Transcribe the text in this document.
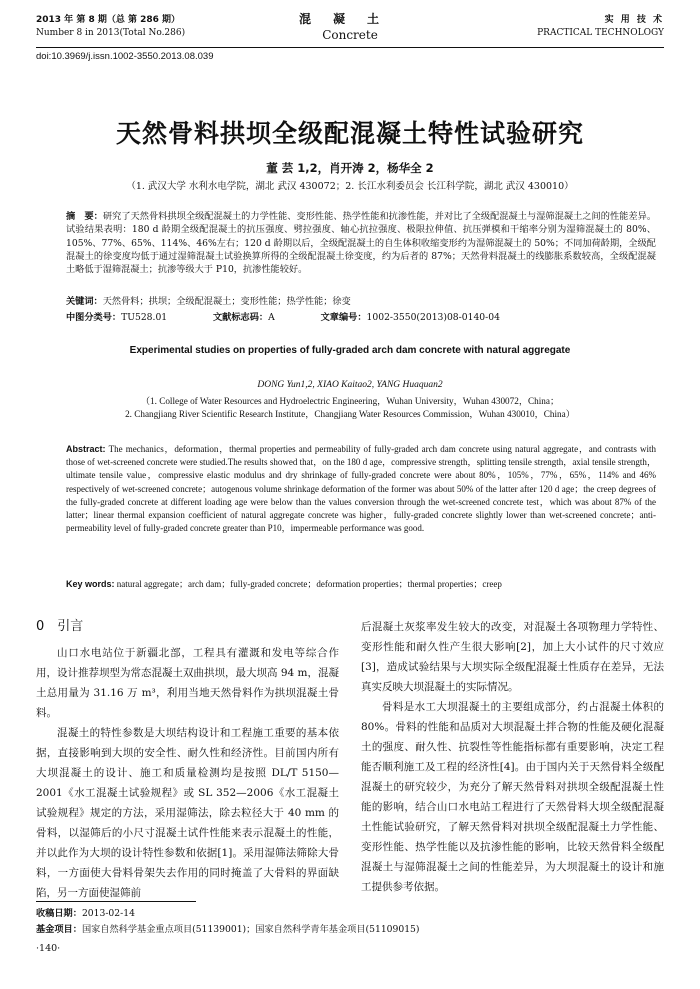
2013 年 第 8 期（总 第 286 期）
Number 8 in 2013(Total No.286)
混凝土
Concrete
实 用 技 术
PRACTICAL TECHNOLOGY
doi:10.3969/j.issn.1002-3550.2013.08.039
天然骨料拱坝全级配混凝土特性试验研究
董 芸 1,2，肖开涛 2，杨华全 2
（1. 武汉大学 水利水电学院，湖北 武汉 430072；2. 长江水利委员会 长江科学院，湖北 武汉 430010）
摘　要：研究了天然骨料拱坝全级配混凝土的力学性能、变形性能、热学性能和抗渗性能，并对比了全级配混凝土与湿筛混凝土之间的性能差异。试验结果表明：180 d 龄期全级配混凝土的抗压强度、劈拉强度、轴心抗拉强度、极限拉伸值、抗压弹模和干缩率分别为湿筛混凝土的 80%、105%、77%、65%、114%、46%左右；120 d 龄期以后，全级配混凝土的自生体积收缩变形约为湿筛混凝土的 50%；不同加荷龄期，全级配混凝土的徐变度均低于通过湿筛混凝土试验换算所得的全级配混凝土徐变度，约为后者的 87%；天然骨料混凝土的线膨胀系数较高，全级配混凝土略低于湿筛混凝土；抗渗等级大于 P10，抗渗性能较好。
关键词：天然骨料；拱坝；全级配混凝土；变形性能；热学性能；徐变
中图分类号：TU528.01	文献标志码：A	文章编号：1002-3550(2013)08-0140-04
Experimental studies on properties of fully-graded arch dam concrete with natural aggregate
DONG Yun1,2, XIAO Kaitao2, YANG Huaquan2
（1. College of Water Resources and Hydroelectric Engineering，Wuhan University，Wuhan 430072，China；
2. Changjiang River Scientific Research Institute，Changjiang Water Resources Commission，Wuhan 430010，China）
Abstract: The mechanics，deformation，thermal properties and permeability of fully-graded arch dam concrete using natural aggregate，and contrasts with those of wet-screened concrete were studied.The results showed that，on the 180 d age，compressive strength，splitting tensile strength，axial tensile strength，ultimate tensile value，compressive elastic modulus and dry shrinkage of fully-graded concrete were about 80%，105%，77%，65%，114% and 46% respectively of wet-screened concrete；autogenous volume shrinkage deformation of the former was about 50% of the latter after 120 d age；the creep degrees of the fully-graded concrete at different loading age were below than the values conversion through the wet-screened concrete test，which was about 87% of the latter；linear thermal expansion coefficient of natural aggregate concrete was higher，fully-graded concrete slightly lower than wet-screened concrete；anti-permeability level of fully-graded concrete greater than P10，impermeable performance was good.
Key words: natural aggregate；arch dam；fully-graded concrete；deformation properties；thermal properties；creep
0　引言

山口水电站位于新疆北部，工程具有灌溉和发电等综合作用，设计推荐坝型为常态混凝土双曲拱坝，最大坝高 94 m，混凝土总用量为 31.16 万 m³，利用当地天然骨料作为拱坝混凝土骨料。

混凝土的特性参数是大坝结构设计和工程施工重要的基本依据，直接影响到大坝的安全性、耐久性和经济性。目前国内所有大坝混凝土的设计、施工和质量检测均是按照 DL/T 5150—2001《水工混凝土试验规程》或 SL 352—2006《水工混凝土试验规程》规定的方法，采用湿筛法，除去粒径大于 40 mm 的骨料，以湿筛后的小尺寸混凝土试件性能来表示混凝土的性能，并以此作为大坝的设计特性参数和依据[1]。采用湿筛法筛除大骨料，一方面使大骨料骨架失去作用的同时掩盖了大骨料的界面缺陷，另一方面使湿筛前

后混凝土灰浆率发生较大的改变，对混凝土各项物理力学特性、变形性能和耐久性产生很大影响[2]，加上大小试件的尺寸效应[3]，造成试验结果与大坝实际全级配混凝土性质存在差异，无法真实反映大坝混凝土的实际情况。

骨料是水工大坝混凝土的主要组成部分，约占混凝土体积的 80%。骨料的性能和品质对大坝混凝土拌合物的性能及硬化混凝土的强度、耐久性、抗裂性等性能指标都有重要影响，决定工程能否顺利施工及工程的经济性[4]。由于国内关于天然骨料全级配混凝土的研究较少，为充分了解天然骨料对拱坝全级配混凝土性能的影响，结合山口水电站工程进行了天然骨料大坝全级配混凝土性能试验研究，了解天然骨料对拱坝全级配混凝土力学性能、变形性能、热学性能以及抗渗性能的影响，比较天然骨料全级配混凝土与湿筛混凝土之间的性能差异，为大坝混凝土的设计和施工提供参考依据。

收稿日期：2013-02-14
基金项目：国家自然科学基金重点项目(51139001)；国家自然科学青年基金项目(51109015)
·140·
